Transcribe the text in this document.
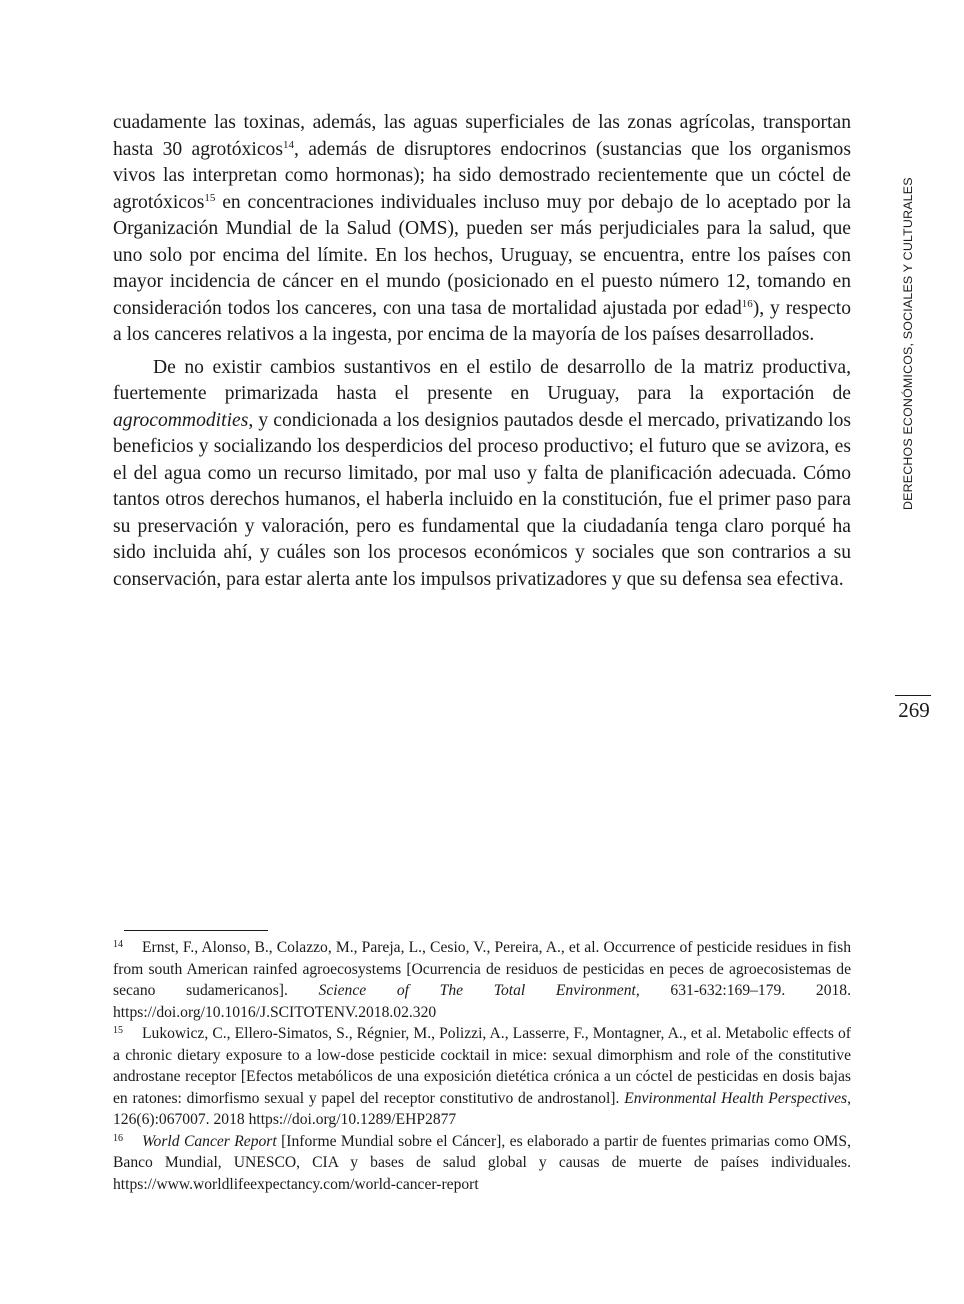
cuadamente las toxinas, además, las aguas superficiales de las zonas agrícolas, transportan hasta 30 agrotóxicos$^{14}$, además de disruptores endocrinos (sustancias que los organismos vivos las interpretan como hormonas); ha sido demostrado recientemente que un cóctel de agrotóxicos$^{15}$ en concentraciones individuales incluso muy por debajo de lo aceptado por la Organización Mundial de la Salud (OMS), pueden ser más perjudiciales para la salud, que uno solo por encima del límite. En los hechos, Uruguay, se encuentra, entre los países con mayor incidencia de cáncer en el mundo (posicionado en el puesto número 12, tomando en consideración todos los canceres, con una tasa de mortalidad ajustada por edad$^{16}$), y respecto a los canceres relativos a la ingesta, por encima de la mayoría de los países desarrollados.

De no existir cambios sustantivos en el estilo de desarrollo de la matriz productiva, fuertemente primarizada hasta el presente en Uruguay, para la exportación de agrocommodities, y condicionada a los designios pautados desde el mercado, privatizando los beneficios y socializando los desperdicios del proceso productivo; el futuro que se avizora, es el del agua como un recurso limitado, por mal uso y falta de planificación adecuada. Cómo tantos otros derechos humanos, el haberla incluido en la constitución, fue el primer paso para su preservación y valoración, pero es fundamental que la ciudadanía tenga claro porqué ha sido incluida ahí, y cuáles son los procesos económicos y sociales que son contrarios a su conservación, para estar alerta ante los impulsos privatizadores y que su defensa sea efectiva.

DERECHOS ECONÓMICOS, SOCIALES Y CULTURALES
269

14 Ernst, F., Alonso, B., Colazzo, M., Pareja, L., Cesio, V., Pereira, A., et al. Occurrence of pesticide residues in fish from south American rainfed agroecosystems [Ocurrencia de residuos de pesticidas en peces de agroecosistemas de secano sudamericanos]. Science of The Total Environment, 631-632:169–179. 2018. https://doi.org/10.1016/J.SCITOTENV.2018.02.320

15 Lukowicz, C., Ellero-Simatos, S., Régnier, M., Polizzi, A., Lasserre, F., Montagner, A., et al. Metabolic effects of a chronic dietary exposure to a low-dose pesticide cocktail in mice: sexual dimorphism and role of the constitutive androstane receptor [Efectos metabólicos de una exposición dietética crónica a un cóctel de pesticidas en dosis bajas en ratones: dimorfismo sexual y papel del receptor constitutivo de androstanol]. Environmental Health Perspectives, 126(6):067007. 2018 https://doi.org/10.1289/EHP2877

16 World Cancer Report [Informe Mundial sobre el Cáncer], es elaborado a partir de fuentes primarias como OMS, Banco Mundial, UNESCO, CIA y bases de salud global y causas de muerte de países individuales. https://www.worldlifeexpectancy.com/world-cancer-report
